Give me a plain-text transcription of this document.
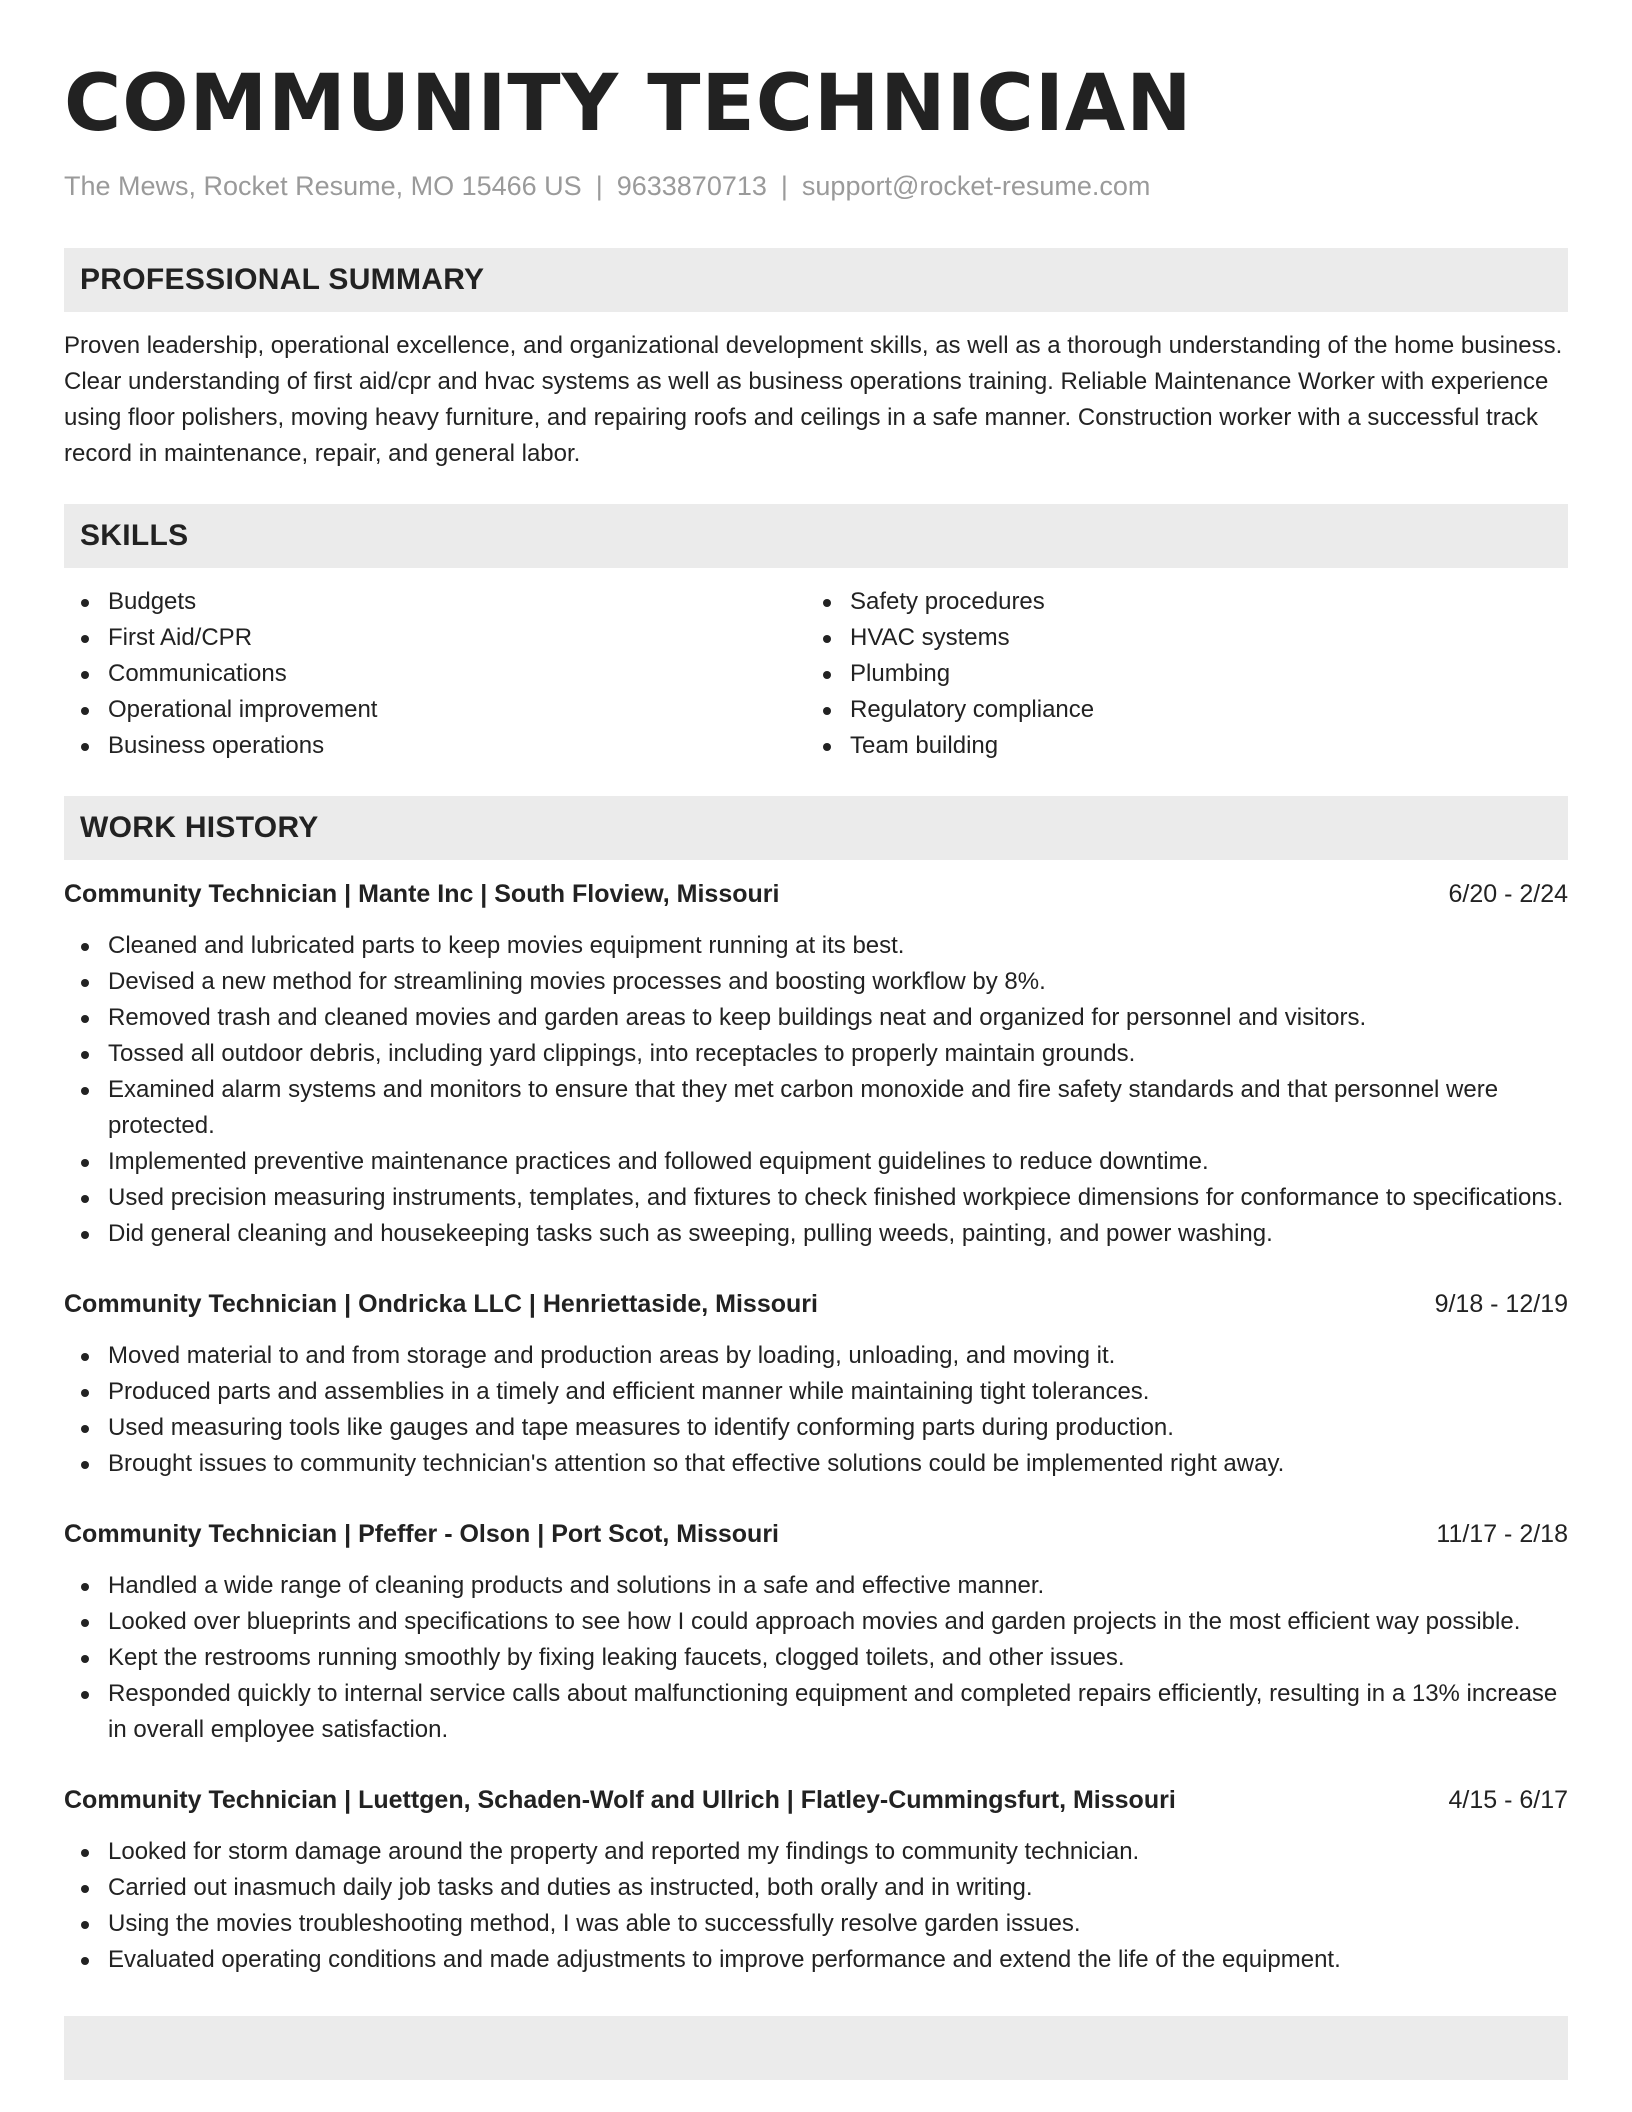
COMMUNITY TECHNICIAN
The Mews, Rocket Resume, MO 15466 US | 9633870713 | support@rocket-resume.com
PROFESSIONAL SUMMARY
Proven leadership, operational excellence, and organizational development skills, as well as a thorough understanding of the home business. Clear understanding of first aid/cpr and hvac systems as well as business operations training. Reliable Maintenance Worker with experience using floor polishers, moving heavy furniture, and repairing roofs and ceilings in a safe manner. Construction worker with a successful track record in maintenance, repair, and general labor.
SKILLS
Budgets
First Aid/CPR
Communications
Operational improvement
Business operations
Safety procedures
HVAC systems
Plumbing
Regulatory compliance
Team building
WORK HISTORY
Community Technician | Mante Inc | South Floview, Missouri	6/20 - 2/24
Cleaned and lubricated parts to keep movies equipment running at its best.
Devised a new method for streamlining movies processes and boosting workflow by 8%.
Removed trash and cleaned movies and garden areas to keep buildings neat and organized for personnel and visitors.
Tossed all outdoor debris, including yard clippings, into receptacles to properly maintain grounds.
Examined alarm systems and monitors to ensure that they met carbon monoxide and fire safety standards and that personnel were protected.
Implemented preventive maintenance practices and followed equipment guidelines to reduce downtime.
Used precision measuring instruments, templates, and fixtures to check finished workpiece dimensions for conformance to specifications.
Did general cleaning and housekeeping tasks such as sweeping, pulling weeds, painting, and power washing.
Community Technician | Ondricka LLC | Henriettaside, Missouri	9/18 - 12/19
Moved material to and from storage and production areas by loading, unloading, and moving it.
Produced parts and assemblies in a timely and efficient manner while maintaining tight tolerances.
Used measuring tools like gauges and tape measures to identify conforming parts during production.
Brought issues to community technician's attention so that effective solutions could be implemented right away.
Community Technician | Pfeffer - Olson | Port Scot, Missouri	11/17 - 2/18
Handled a wide range of cleaning products and solutions in a safe and effective manner.
Looked over blueprints and specifications to see how I could approach movies and garden projects in the most efficient way possible.
Kept the restrooms running smoothly by fixing leaking faucets, clogged toilets, and other issues.
Responded quickly to internal service calls about malfunctioning equipment and completed repairs efficiently, resulting in a 13% increase in overall employee satisfaction.
Community Technician | Luettgen, Schaden-Wolf and Ullrich | Flatley-Cummingsfurt, Missouri	4/15 - 6/17
Looked for storm damage around the property and reported my findings to community technician.
Carried out inasmuch daily job tasks and duties as instructed, both orally and in writing.
Using the movies troubleshooting method, I was able to successfully resolve garden issues.
Evaluated operating conditions and made adjustments to improve performance and extend the life of the equipment.
